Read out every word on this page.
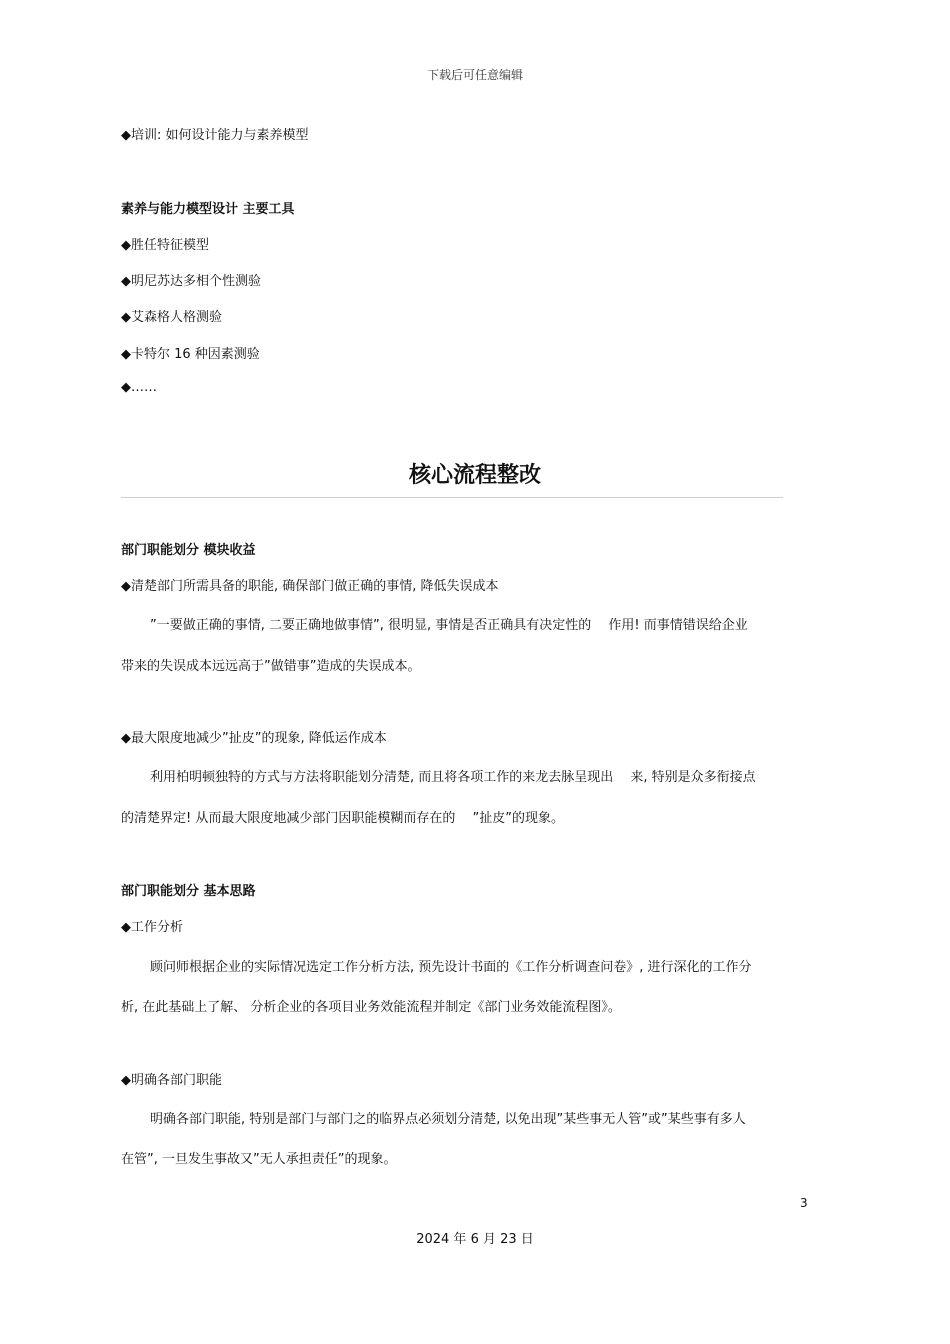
下载后可任意编辑
◆培训: 如何设计能力与素养模型
素养与能力模型设计 主要工具
◆胜任特征模型
◆明尼苏达多相个性测验
◆艾森格人格测验
◆卡特尔 16 种因素测验
◆……
核心流程整改
部门职能划分 模块收益
◆清楚部门所需具备的职能, 确保部门做正确的事情, 降低失误成本
”一要做正确的事情, 二要正确地做事情”, 很明显, 事情是否正确具有决定性的　 作用! 而事情错误给企业
带来的失误成本远远高于”做错事”造成的失误成本。
◆最大限度地减少”扯皮”的现象, 降低运作成本
利用柏明顿独特的方式与方法将职能划分清楚, 而且将各项工作的来龙去脉呈现出　 来, 特别是众多衔接点
的清楚界定! 从而最大限度地减少部门因职能模糊而存在的　 ”扯皮”的现象。
部门职能划分 基本思路
◆工作分析
顾问师根据企业的实际情况选定工作分析方法, 预先设计书面的《工作分析调查问卷》, 进行深化的工作分
析, 在此基础上了解、 分析企业的各项目业务效能流程并制定《部门业务效能流程图》。
◆明确各部门职能
明确各部门职能, 特别是部门与部门之的临界点必须划分清楚, 以免出现”某些事无人管”或”某些事有多人
在管”, 一旦发生事故又”无人承担责任”的现象。
3
2024 年 6 月 23 日
